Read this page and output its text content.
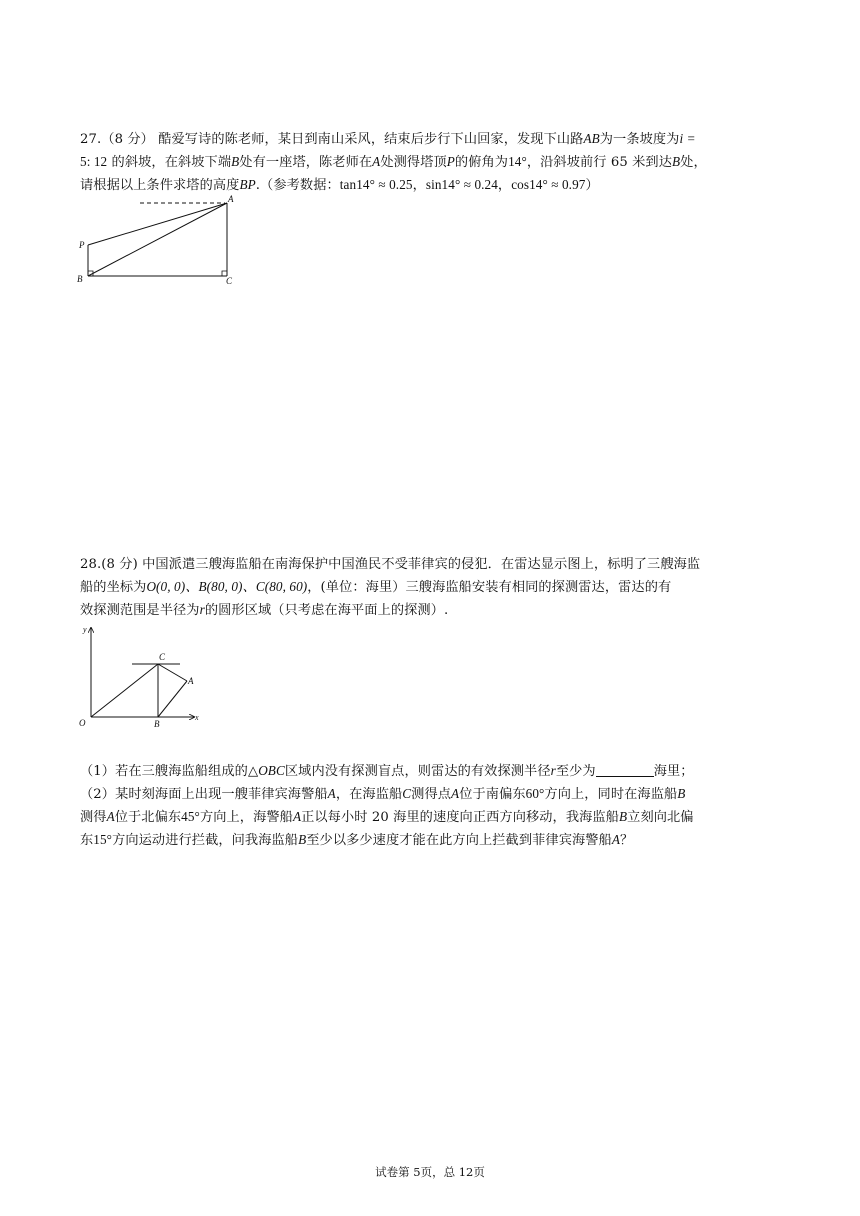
27.（8 分） 酷爱写诗的陈老师，某日到南山采风，结束后步行下山回家，发现下山路AB为一条坡度为i =

5: 12 的斜坡，在斜坡下端B处有一座塔，陈老师在A处测得塔顶P的俯角为14°，沿斜坡前行 65 米到达B处，

请根据以上条件求塔的高度BP.（参考数据：tan14° ≈ 0.25，sin14° ≈ 0.24，cos14° ≈ 0.97）

A
P
B	C

28.(8 分) 中国派遣三艘海监船在南海保护中国渔民不受菲律宾的侵犯．在雷达显示图上，标明了三艘海监

船的坐标为O(0, 0)、B(80, 0)、C(80, 60)，(单位：海里）三艘海监船安装有相同的探测雷达，雷达的有

效探测范围是半径为r的圆形区域（只考虑在海平面上的探测）.

y
x
O	B
C
A

（1）若在三艘海监船组成的△OBC区域内没有探测盲点，则雷达的有效探测半径r至少为	海里；

（2）某时刻海面上出现一艘菲律宾海警船A，在海监船C测得点A位于南偏东60°方向上，同时在海监船B

测得A位于北偏东45°方向上，海警船A正以每小时 20 海里的速度向正西方向移动，我海监船B立刻向北偏

东15°方向运动进行拦截，问我海监船B至少以多少速度才能在此方向上拦截到菲律宾海警船A？

试卷第 5页，总 12页
